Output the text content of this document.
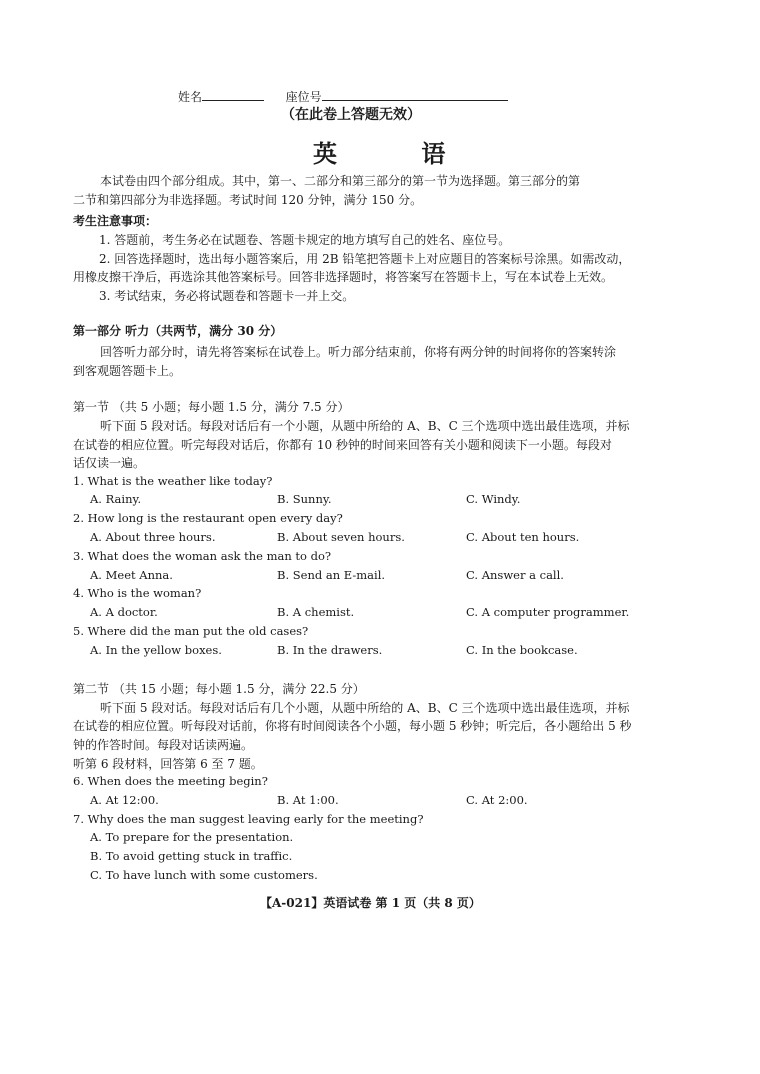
姓名	座位号
（在此卷上答题无效）
英 语
本试卷由四个部分组成。其中，第一、二部分和第三部分的第一节为选择题。第三部分的第
二节和第四部分为非选择题。考试时间 120 分钟，满分 150 分。
考生注意事项：
1. 答题前，考生务必在试题卷、答题卡规定的地方填写自己的姓名、座位号。
2. 回答选择题时，选出每小题答案后，用 2B 铅笔把答题卡上对应题目的答案标号涂黑。如需改动，
用橡皮擦干净后，再选涂其他答案标号。回答非选择题时，将答案写在答题卡上，写在本试卷上无效。
3. 考试结束，务必将试题卷和答题卡一并上交。
第一部分 听力（共两节，满分 30 分）
回答听力部分时，请先将答案标在试卷上。听力部分结束前，你将有两分钟的时间将你的答案转涂
到客观题答题卡上。
第一节 （共 5 小题；每小题 1.5 分，满分 7.5 分）
听下面 5 段对话。每段对话后有一个小题，从题中所给的 A、B、C 三个选项中选出最佳选项，并标
在试卷的相应位置。听完每段对话后，你都有 10 秒钟的时间来回答有关小题和阅读下一小题。每段对
话仅读一遍。
1. What is the weather like today?
A. Rainy.	B. Sunny.	C. Windy.
2. How long is the restaurant open every day?
A. About three hours.	B. About seven hours.	C. About ten hours.
3. What does the woman ask the man to do?
A. Meet Anna.	B. Send an E-mail.	C. Answer a call.
4. Who is the woman?
A. A doctor.	B. A chemist.	C. A computer programmer.
5. Where did the man put the old cases?
A. In the yellow boxes.	B. In the drawers.	C. In the bookcase.
第二节 （共 15 小题；每小题 1.5 分，满分 22.5 分）
听下面 5 段对话。每段对话后有几个小题，从题中所给的 A、B、C 三个选项中选出最佳选项，并标
在试卷的相应位置。听每段对话前，你将有时间阅读各个小题，每小题 5 秒钟；听完后，各小题给出 5 秒
钟的作答时间。每段对话读两遍。
听第 6 段材料，回答第 6 至 7 题。
6. When does the meeting begin?
A. At 12:00.	B. At 1:00.	C. At 2:00.
7. Why does the man suggest leaving early for the meeting?
A. To prepare for the presentation.
B. To avoid getting stuck in traffic.
C. To have lunch with some customers.
【A-021】英语试卷 第 1 页（共 8 页）
